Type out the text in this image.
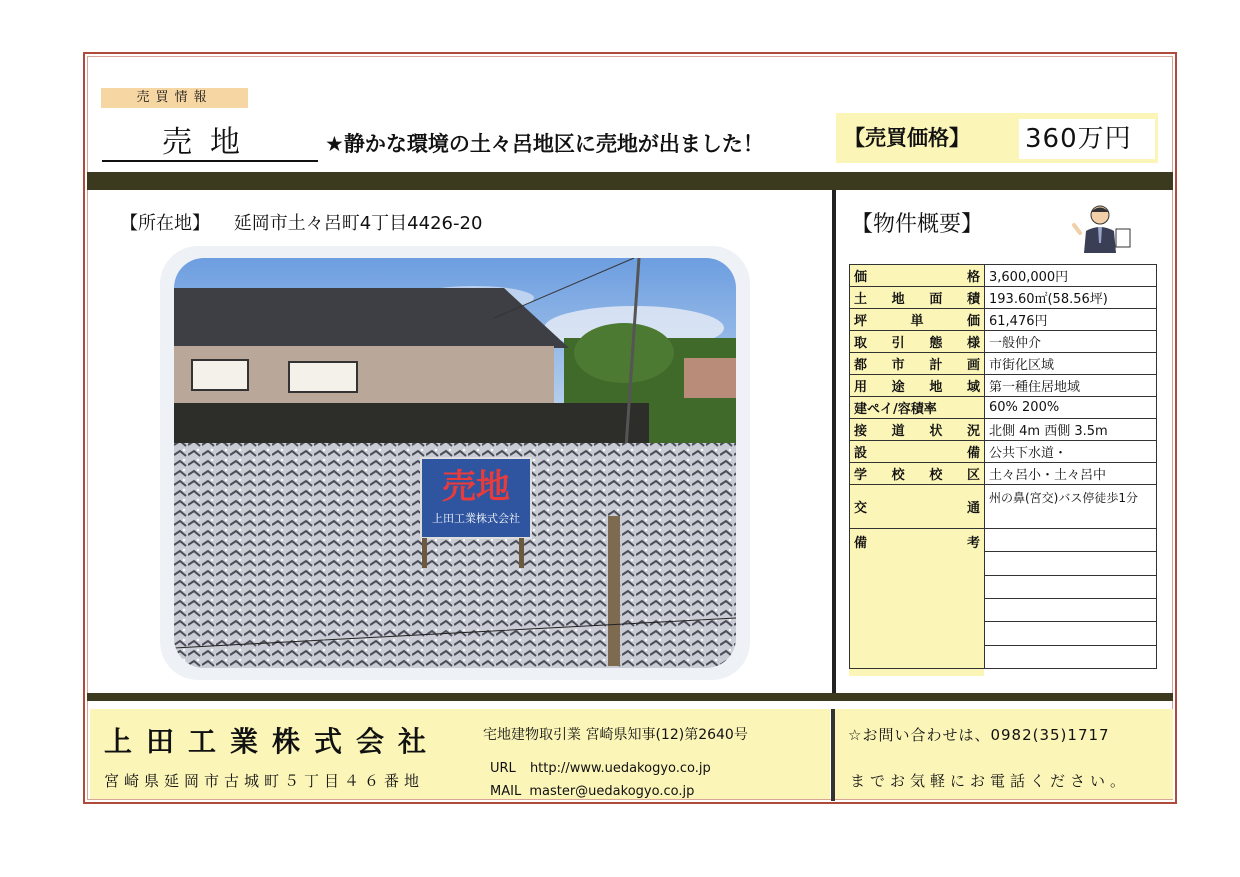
売買情報
売地	★静かな環境の土々呂地区に売地が出ました！	【売買価格】 360万円
【所在地】 延岡市土々呂町4丁目4426-20
売地
上田工業株式会社
【物件概要】
価 格	3,600,000円

土 地 面 積	193.60㎡(58.56坪)

坪 単 価	61,476円

取 引 態 様	一般仲介

都 市 計 画	市街化区域

用 途 地 域	第一種住居地域
建ペイ/容積率	60% 200%

接 道 状 況	北側 4m 西側 3.5m

設 備	公共下水道・

学 校 校 区	土々呂小・土々呂中

交 通	州の鼻(宮交)バス停徒歩1分

備 考	

上田工業株式会社
宮崎県延岡市古城町５丁目４６番地
宅地建物取引業 宮崎県知事(12)第2640号
URL http://www.uedakogyo.co.jp
MAIL master@uedakogyo.co.jp
☆お問い合わせは、0982(35)1717
までお気軽にお電話ください。
